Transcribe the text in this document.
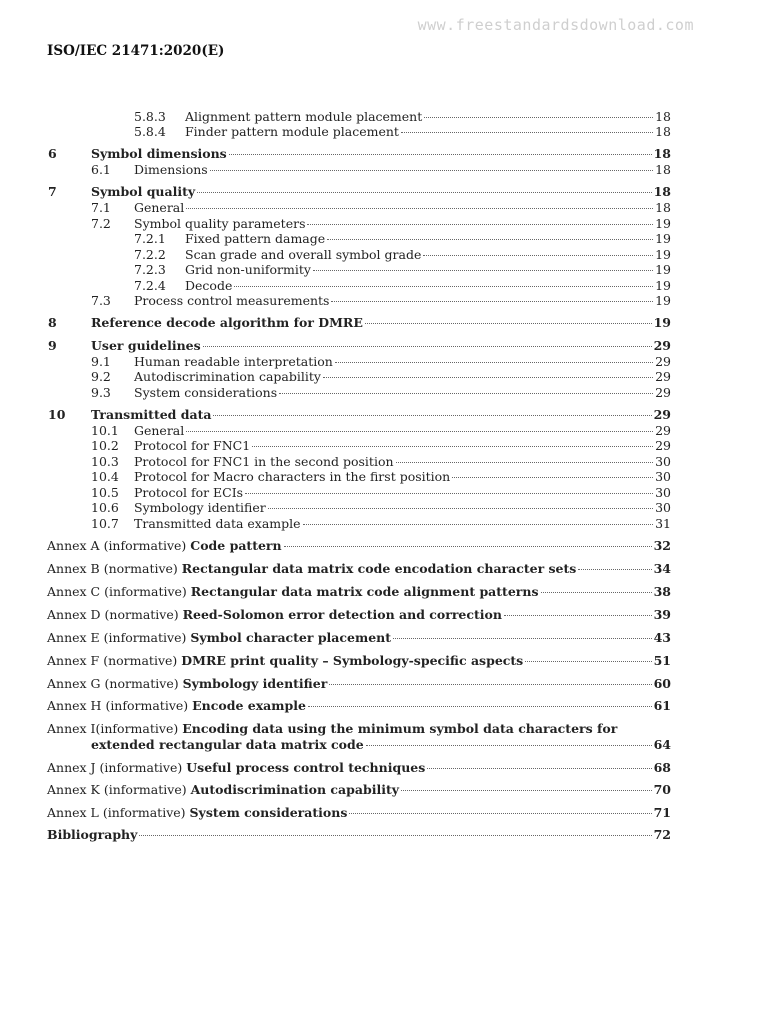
www.freestandardsdownload.com
ISO/IEC 21471:2020(E)
5.8.3 Alignment pattern module placement	18
5.8.4 Finder pattern module placement	18
6	Symbol dimensions	18
6.1 Dimensions	18
7	Symbol quality	18
7.1 General	18
7.2 Symbol quality parameters	19
7.2.1 Fixed pattern damage	19
7.2.2 Scan grade and overall symbol grade	19
7.2.3 Grid non-uniformity	19
7.2.4 Decode	19
7.3 Process control measurements	19
8	Reference decode algorithm for DMRE	19
9	User guidelines	29
9.1 Human readable interpretation	29
9.2 Autodiscrimination capability	29
9.3 System considerations	29
10 Transmitted data	29
10.1 General	29
10.2 Protocol for FNC1	29
10.3 Protocol for FNC1 in the second position	30
10.4 Protocol for Macro characters in the first position	30
10.5 Protocol for ECIs	30
10.6 Symbology identifier	30
10.7 Transmitted data example	31
Annex A (informative) Code pattern	32
Annex B (normative) Rectangular data matrix code encodation character sets	34
Annex C (informative) Rectangular data matrix code alignment patterns	38
Annex D (normative) Reed-Solomon error detection and correction	39
Annex E (informative) Symbol character placement	43
Annex F (normative) DMRE print quality – Symbology-specific aspects	51
Annex G (normative) Symbology identifier	60
Annex H (informative) Encode example	61
Annex I (informative) Encoding data using the minimum symbol data characters for
extended rectangular data matrix code	64
Annex J (informative) Useful process control techniques	68
Annex K (informative) Autodiscrimination capability	70
Annex L (informative) System considerations	71
Bibliography	72
